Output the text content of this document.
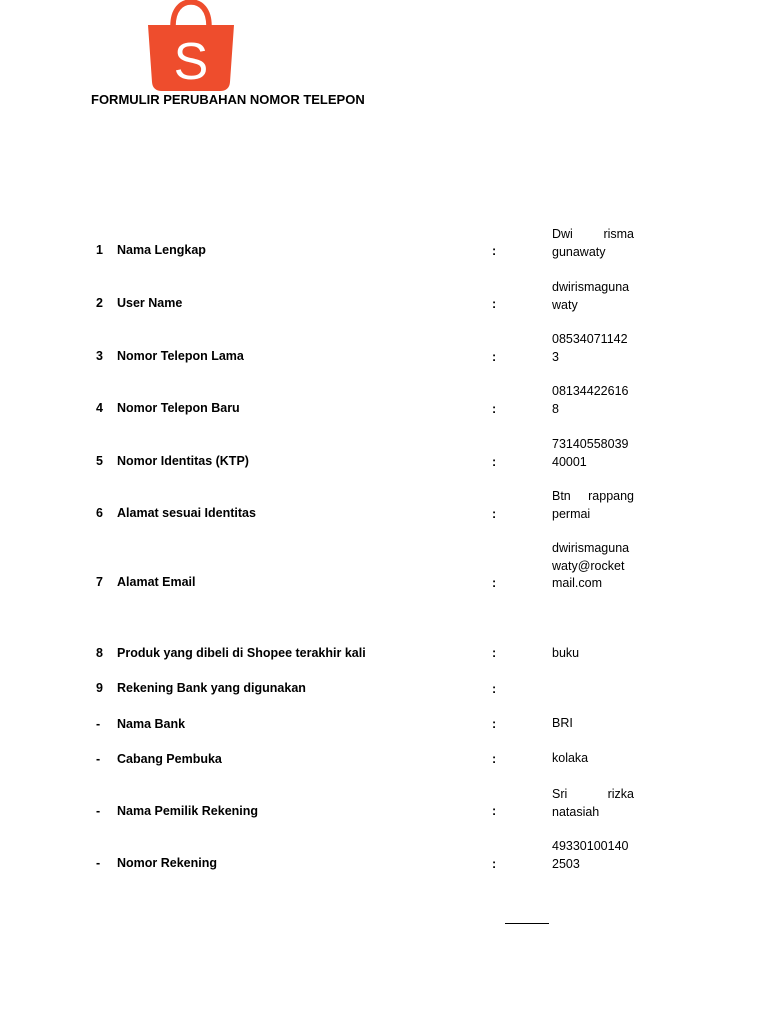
S
FORMULIR PERUBAHAN NOMOR TELEPON
1	Nama Lengkap	:
Dwi risma
gunawaty
2	User Name	:
dwirismaguna
waty
3	Nomor Telepon Lama	:
08534071142
3
4	Nomor Telepon Baru	:
08134422616
8
5	Nomor Identitas (KTP)	:
73140558039
40001
6	Alamat sesuai Identitas	:
Btn rappang
permai
7	Alamat Email	:
dwirismaguna
waty@rocket
mail.com
8	Produk yang dibeli di Shopee terakhir kali	:	buku
9	Rekening Bank yang digunakan	:
-	Nama Bank	:	BRI
-	Cabang Pembuka	:	kolaka
-	Nama Pemilik Rekening	:
Sri rizka
natasiah
-	Nomor Rekening	:
49330100140
2503
